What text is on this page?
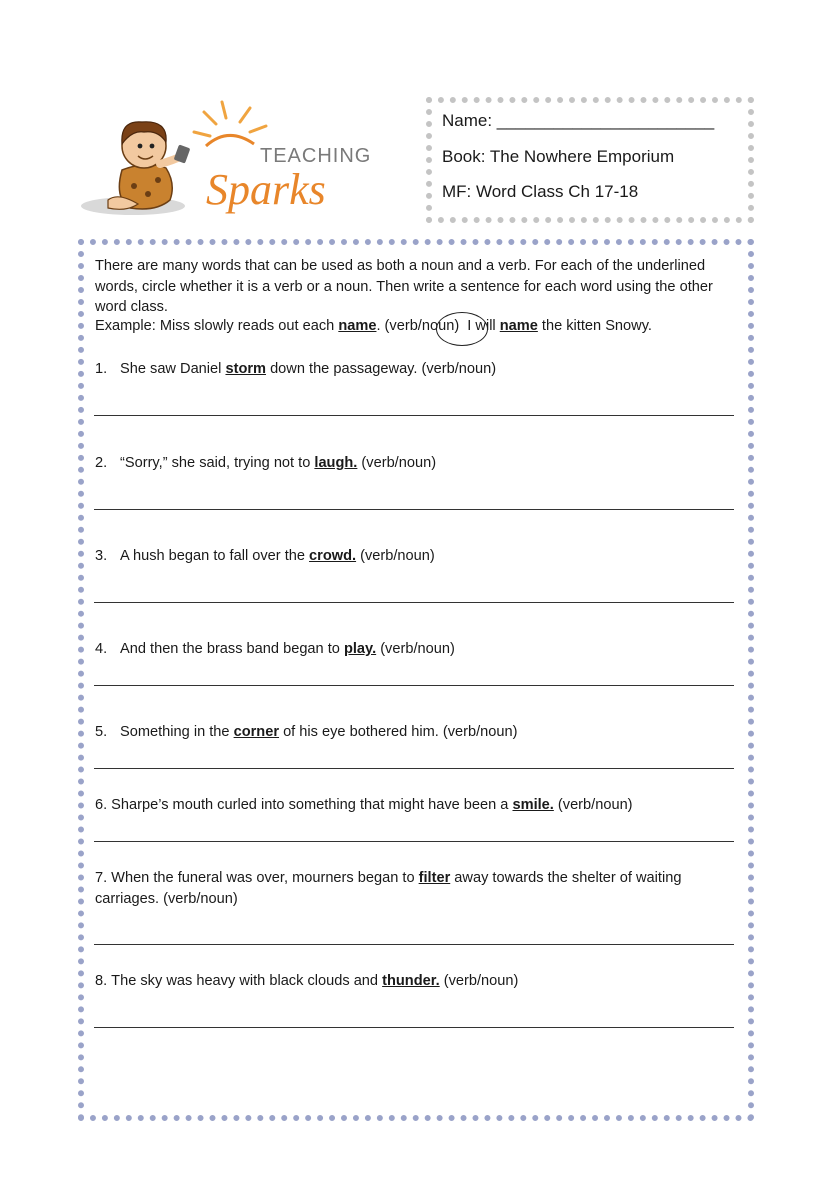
TEACHING
Sparks
Name: _______________________
Book: The Nowhere Emporium
MF: Word Class Ch 17-18
There are many words that can be used as both a noun and a verb. For each of the underlined words, circle whether it is a verb or a noun. Then write a sentence for each word using the other word class.
Example: Miss slowly reads out each name. (verb/noun)  I will name the kitten Snowy.
1. She saw Daniel storm down the passageway. (verb/noun)
2. “Sorry,” she said, trying not to laugh. (verb/noun)
3. A hush began to fall over the crowd. (verb/noun)
4. And then the brass band began to play. (verb/noun)
5. Something in the corner of his eye bothered him. (verb/noun)
6. Sharpe’s mouth curled into something that might have been a smile. (verb/noun)
7. When the funeral was over, mourners began to filter away towards the shelter of waiting carriages. (verb/noun)
8. The sky was heavy with black clouds and thunder. (verb/noun)
